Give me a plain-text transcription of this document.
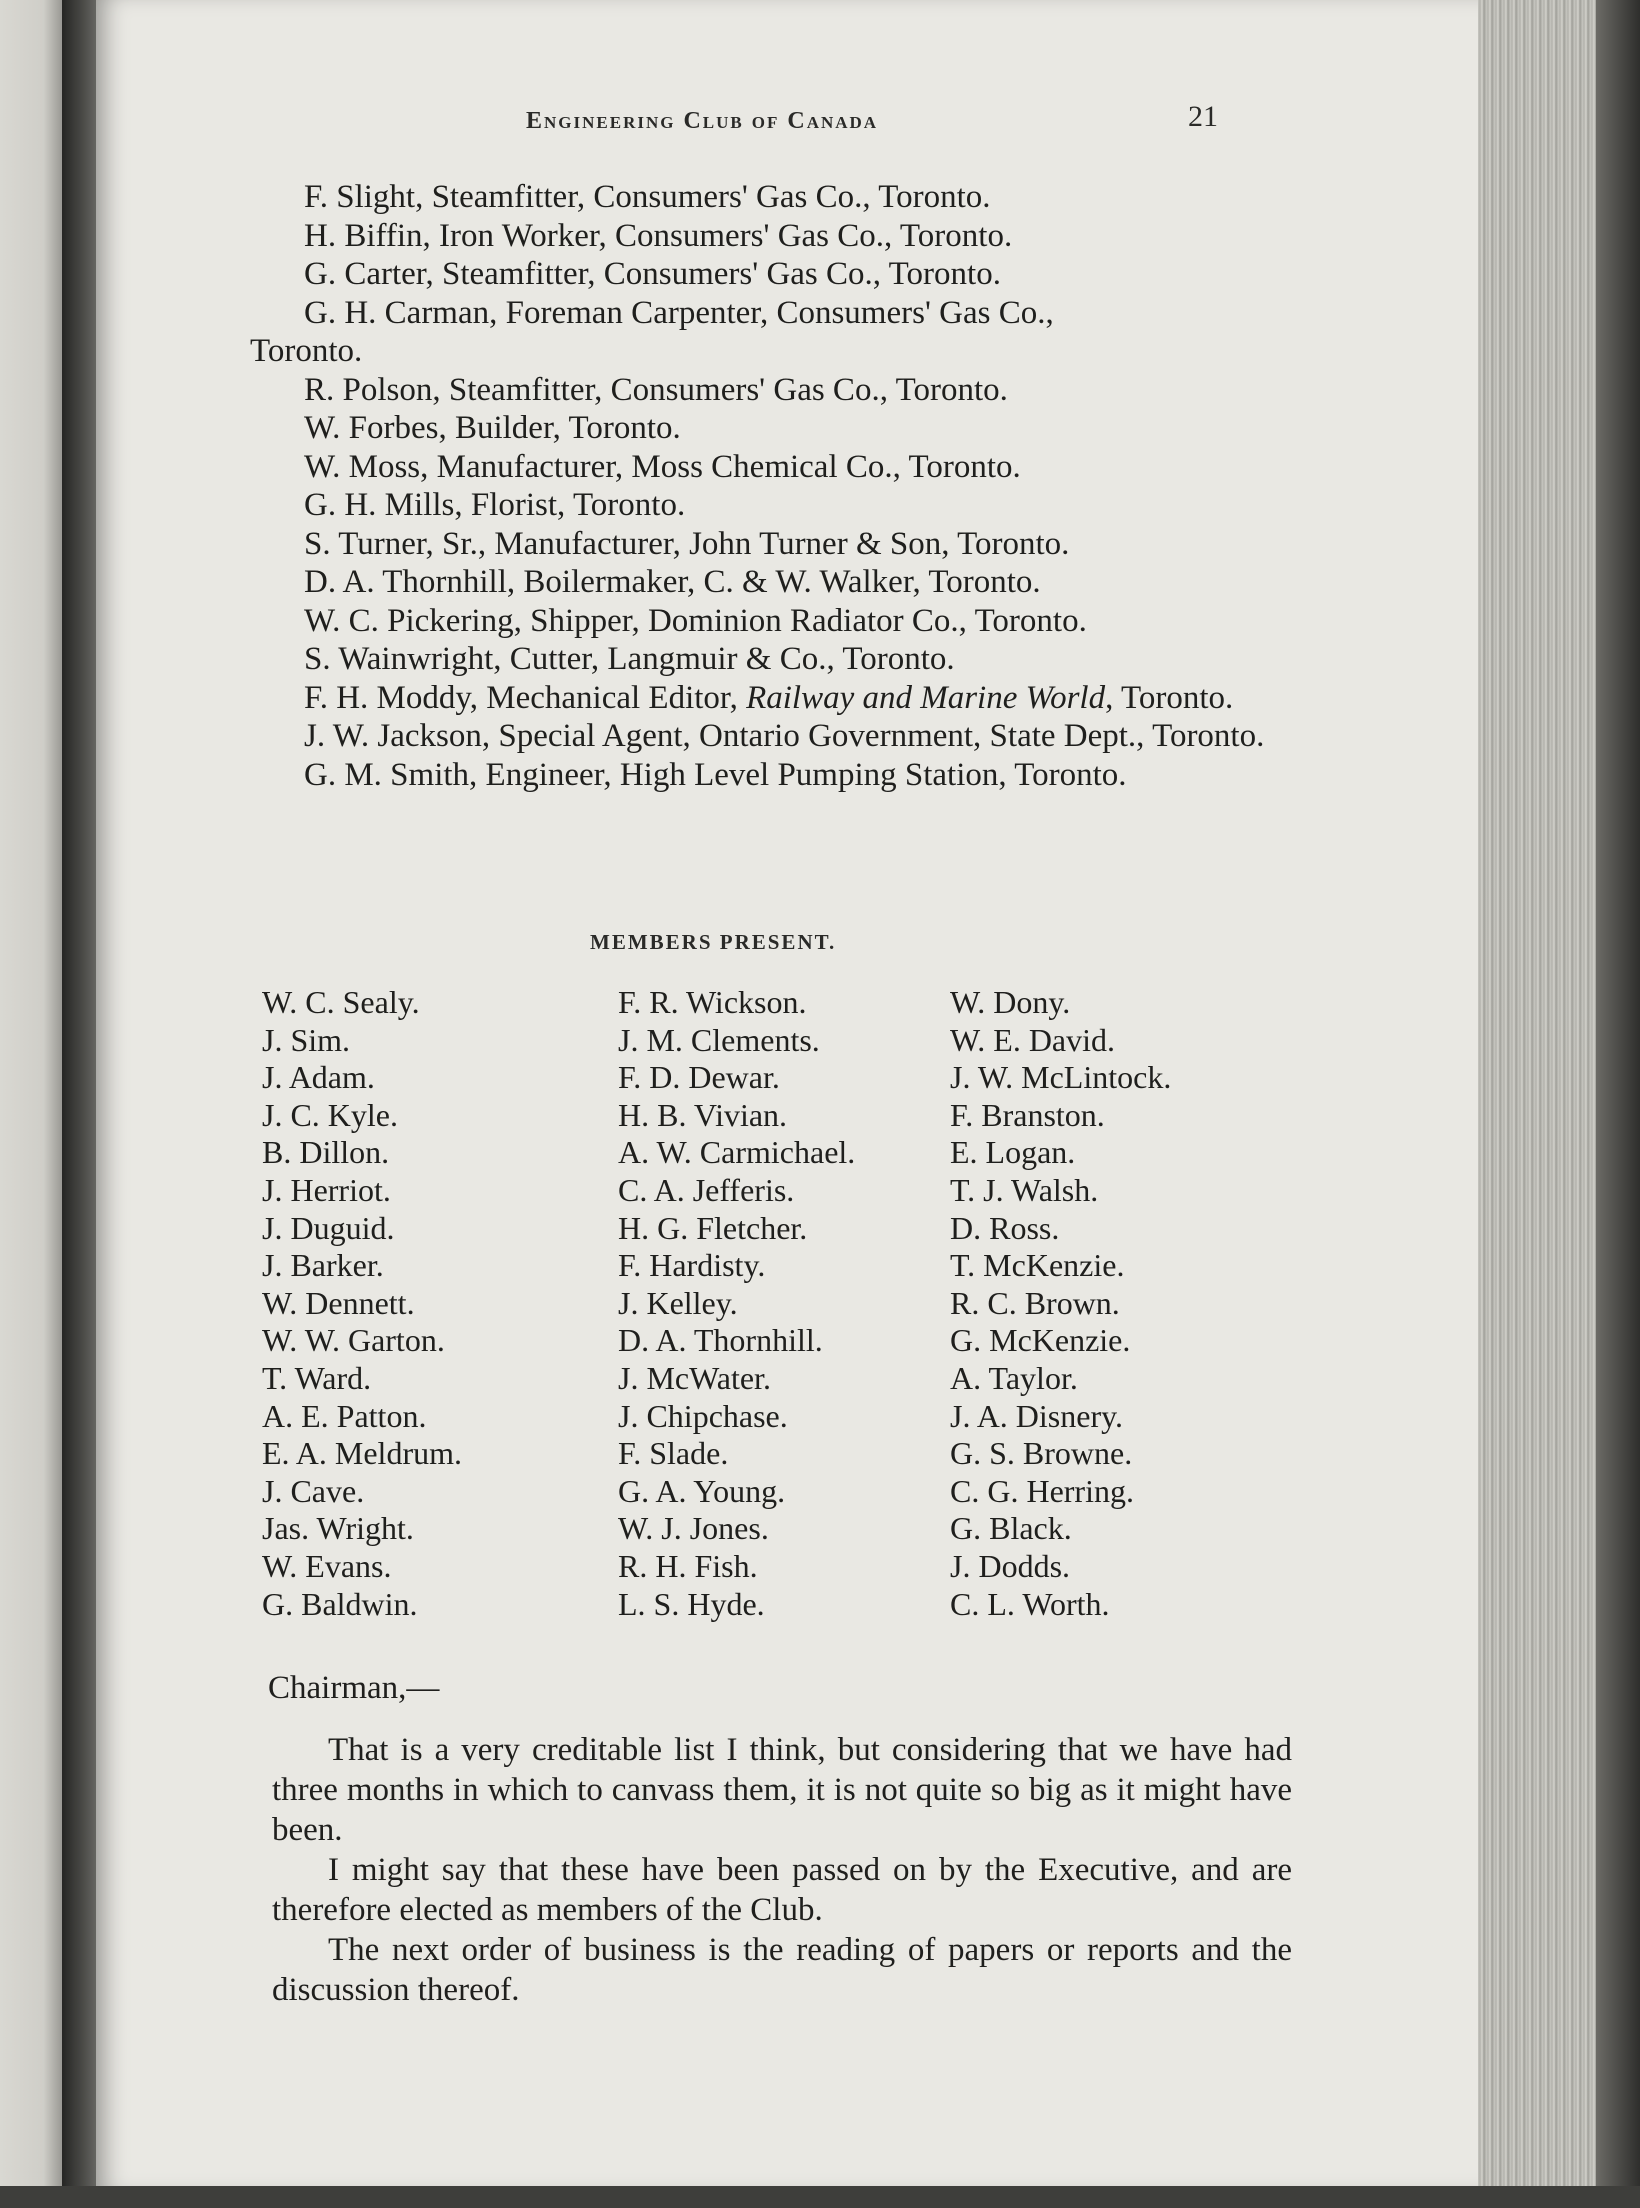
Engineering Club of Canada	21

F. Slight, Steamfitter, Consumers' Gas Co., Toronto.

H. Biffin, Iron Worker, Consumers' Gas Co., Toronto.

G. Carter, Steamfitter, Consumers' Gas Co., Toronto.

G. H. Carman, Foreman Carpenter, Consumers' Gas Co.,
Toronto.

R. Polson, Steamfitter, Consumers' Gas Co., Toronto.

W. Forbes, Builder, Toronto.

W. Moss, Manufacturer, Moss Chemical Co., Toronto.

G. H. Mills, Florist, Toronto.

S. Turner, Sr., Manufacturer, John Turner & Son, Toronto.

D. A. Thornhill, Boilermaker, C. & W. Walker, Toronto.

W. C. Pickering, Shipper, Dominion Radiator Co., Toronto.

S. Wainwright, Cutter, Langmuir & Co., Toronto.

F. H. Moddy, Mechanical Editor, Railway and Marine World, Toronto.

J. W. Jackson, Special Agent, Ontario Government, State Dept., Toronto.

G. M. Smith, Engineer, High Level Pumping Station, Toronto.

MEMBERS PRESENT.
W. C. Sealy.
J. Sim.
J. Adam.
J. C. Kyle.
B. Dillon.
J. Herriot.
J. Duguid.
J. Barker.
W. Dennett.
W. W. Garton.
T. Ward.
A. E. Patton.
E. A. Meldrum.
J. Cave.
Jas. Wright.
W. Evans.
G. Baldwin.
F. R. Wickson.
J. M. Clements.
F. D. Dewar.
H. B. Vivian.
A. W. Carmichael.
C. A. Jefferis.
H. G. Fletcher.
F. Hardisty.
J. Kelley.
D. A. Thornhill.
J. McWater.
J. Chipchase.
F. Slade.
G. A. Young.
W. J. Jones.
R. H. Fish.
L. S. Hyde.
W. Dony.
W. E. David.
J. W. McLintock.
F. Branston.
E. Logan.
T. J. Walsh.
D. Ross.
T. McKenzie.
R. C. Brown.
G. McKenzie.
A. Taylor.
J. A. Disnery.
G. S. Browne.
C. G. Herring.
G. Black.
J. Dodds.
C. L. Worth.
Chairman,—

That is a very creditable list I think, but considering that we have had three months in which to canvass them, it is not quite so big as it might have been.

I might say that these have been passed on by the Executive, and are therefore elected as members of the Club.

The next order of business is the reading of papers or reports and the discussion thereof.
